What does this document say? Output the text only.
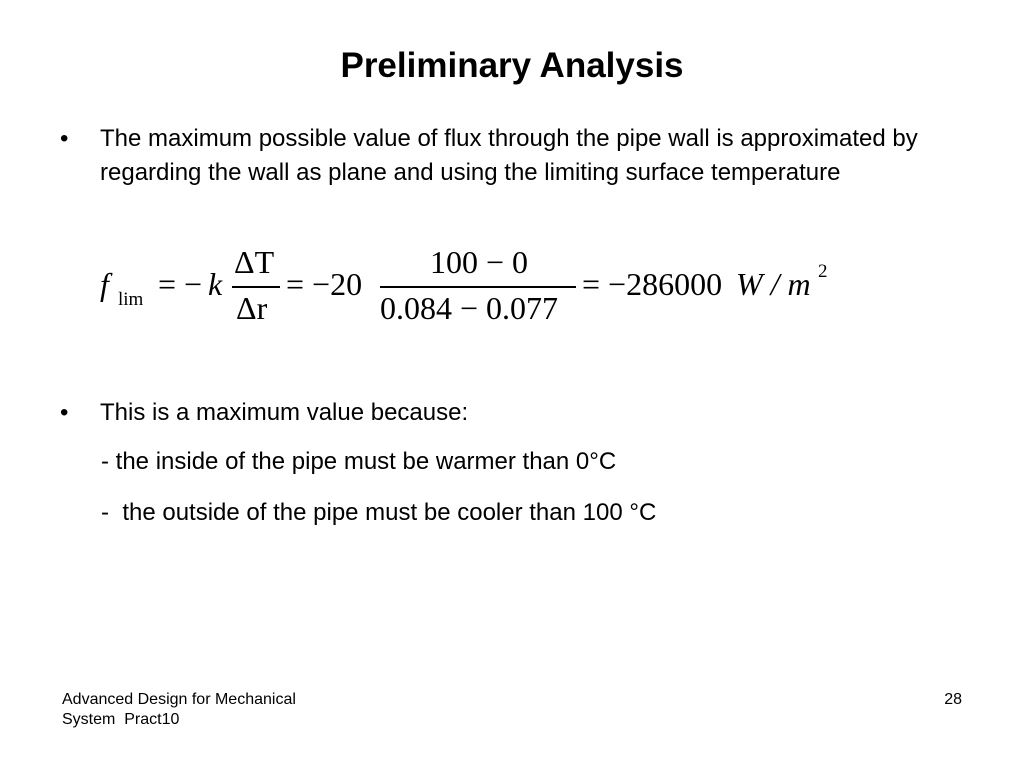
Preliminary Analysis
•	The maximum possible value of flux through the pipe wall is approximated by regarding the wall as plane and using the limiting surface temperature
f lim = − k
ΔT
Δr
= −20
100 − 0
0.084 − 0.077
= −286000 W / m 2
•	This is a maximum value because:
- the inside of the pipe must be warmer than 0°C
-  the outside of the pipe must be cooler than 100 °C
Advanced Design for Mechanical
System  Pract10
28
